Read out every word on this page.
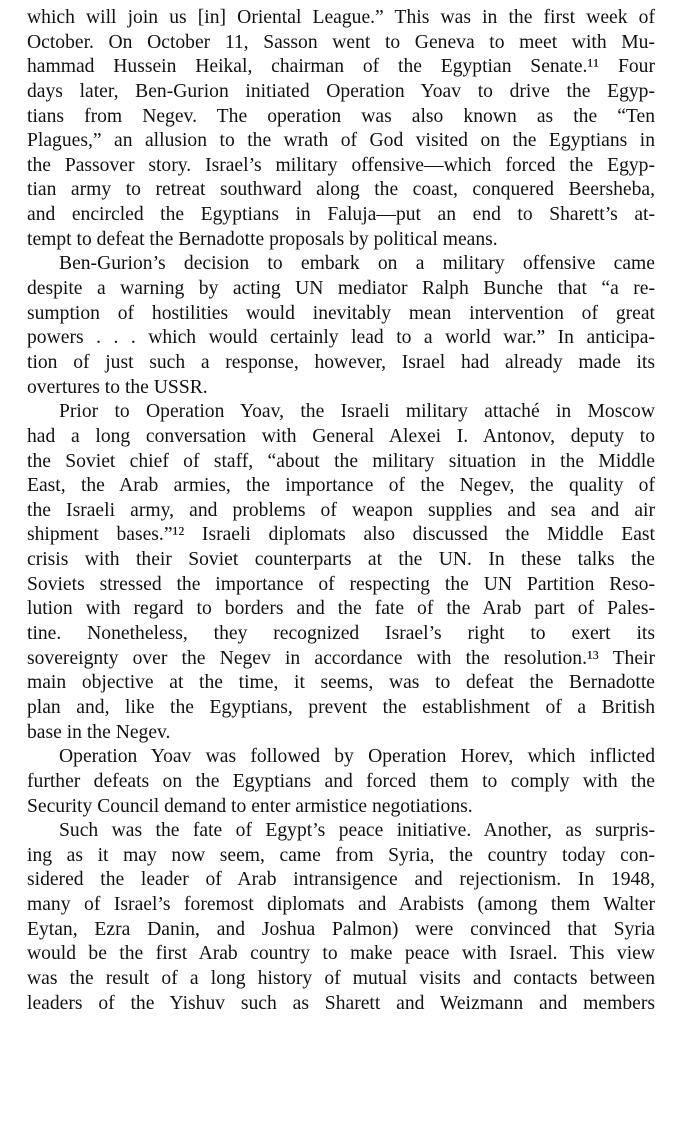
which will join us [in] Oriental League.” This was in the first week of
October. On October 11, Sasson went to Geneva to meet with Mu-
hammad Hussein Heikal, chairman of the Egyptian Senate.¹¹ Four
days later, Ben-Gurion initiated Operation Yoav to drive the Egyp-
tians from Negev. The operation was also known as the “Ten
Plagues,” an allusion to the wrath of God visited on the Egyptians in
the Passover story. Israel’s military offensive—which forced the Egyp-
tian army to retreat southward along the coast, conquered Beersheba,
and encircled the Egyptians in Faluja—put an end to Sharett’s at-
tempt to defeat the Bernadotte proposals by political means.
Ben-Gurion’s decision to embark on a military offensive came
despite a warning by acting UN mediator Ralph Bunche that “a re-
sumption of hostilities would inevitably mean intervention of great
powers . . . which would certainly lead to a world war.” In anticipa-
tion of just such a response, however, Israel had already made its
overtures to the USSR.
Prior to Operation Yoav, the Israeli military attaché in Moscow
had a long conversation with General Alexei I. Antonov, deputy to
the Soviet chief of staff, “about the military situation in the Middle
East, the Arab armies, the importance of the Negev, the quality of
the Israeli army, and problems of weapon supplies and sea and air
shipment bases.”¹² Israeli diplomats also discussed the Middle East
crisis with their Soviet counterparts at the UN. In these talks the
Soviets stressed the importance of respecting the UN Partition Reso-
lution with regard to borders and the fate of the Arab part of Pales-
tine. Nonetheless, they recognized Israel’s right to exert its
sovereignty over the Negev in accordance with the resolution.¹³ Their
main objective at the time, it seems, was to defeat the Bernadotte
plan and, like the Egyptians, prevent the establishment of a British
base in the Negev.
Operation Yoav was followed by Operation Horev, which inflicted
further defeats on the Egyptians and forced them to comply with the
Security Council demand to enter armistice negotiations.
Such was the fate of Egypt’s peace initiative. Another, as surpris-
ing as it may now seem, came from Syria, the country today con-
sidered the leader of Arab intransigence and rejectionism. In 1948,
many of Israel’s foremost diplomats and Arabists (among them Walter
Eytan, Ezra Danin, and Joshua Palmon) were convinced that Syria
would be the first Arab country to make peace with Israel. This view
was the result of a long history of mutual visits and contacts between
leaders of the Yishuv such as Sharett and Weizmann and members
